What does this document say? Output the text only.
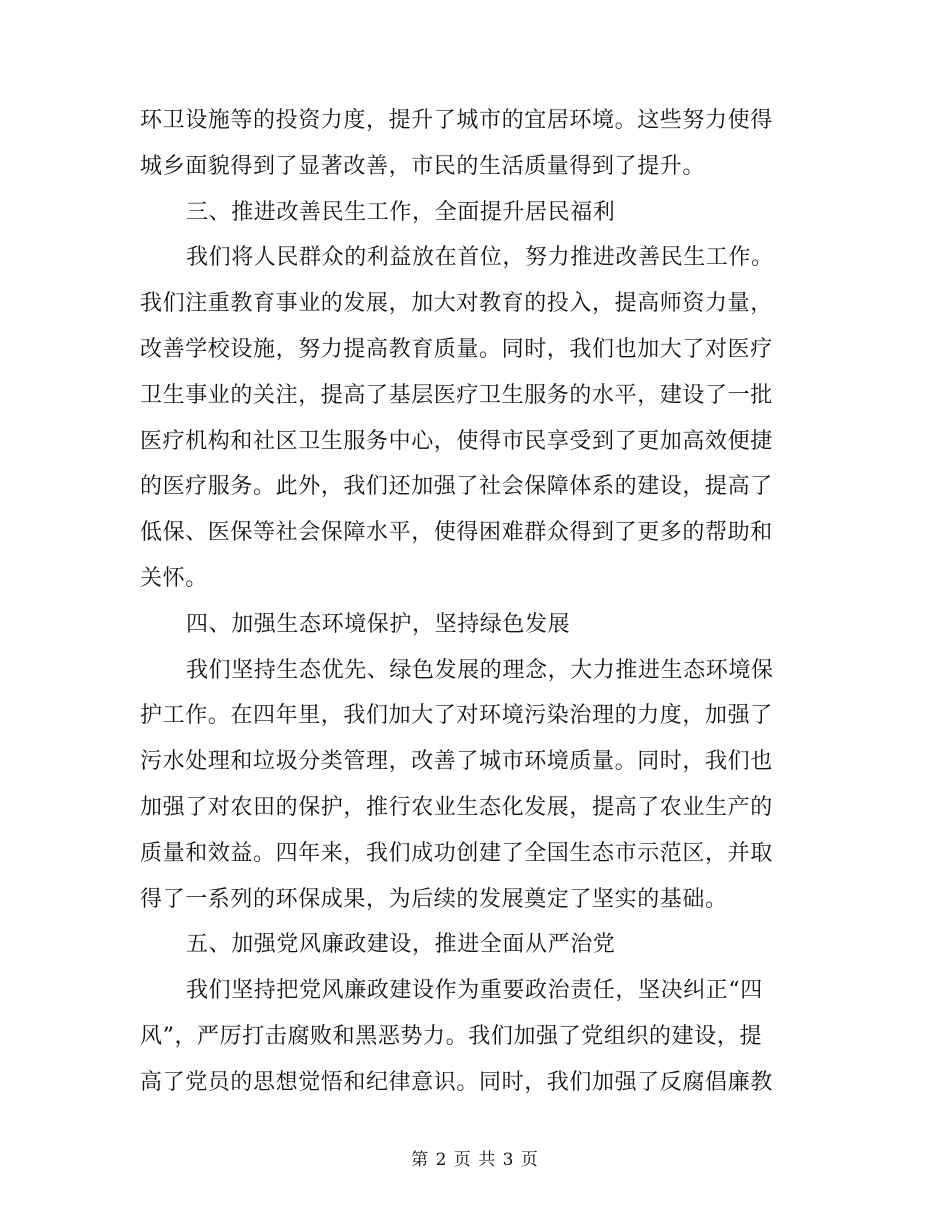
环卫设施等的投资力度，提升了城市的宜居环境。这些努力使得
城乡面貌得到了显著改善，市民的生活质量得到了提升。
三、推进改善民生工作，全面提升居民福利
我们将人民群众的利益放在首位，努力推进改善民生工作。
我们注重教育事业的发展，加大对教育的投入，提高师资力量，
改善学校设施，努力提高教育质量。同时，我们也加大了对医疗
卫生事业的关注，提高了基层医疗卫生服务的水平，建设了一批
医疗机构和社区卫生服务中心，使得市民享受到了更加高效便捷
的医疗服务。此外，我们还加强了社会保障体系的建设，提高了
低保、医保等社会保障水平，使得困难群众得到了更多的帮助和
关怀。
四、加强生态环境保护，坚持绿色发展
我们坚持生态优先、绿色发展的理念，大力推进生态环境保
护工作。在四年里，我们加大了对环境污染治理的力度，加强了
污水处理和垃圾分类管理，改善了城市环境质量。同时，我们也
加强了对农田的保护，推行农业生态化发展，提高了农业生产的
质量和效益。四年来，我们成功创建了全国生态市示范区，并取
得了一系列的环保成果，为后续的发展奠定了坚实的基础。
五、加强党风廉政建设，推进全面从严治党
我们坚持把党风廉政建设作为重要政治责任，坚决纠正“四
风”，严厉打击腐败和黑恶势力。我们加强了党组织的建设，提
高了党员的思想觉悟和纪律意识。同时，我们加强了反腐倡廉教
第 2 页 共 3 页
